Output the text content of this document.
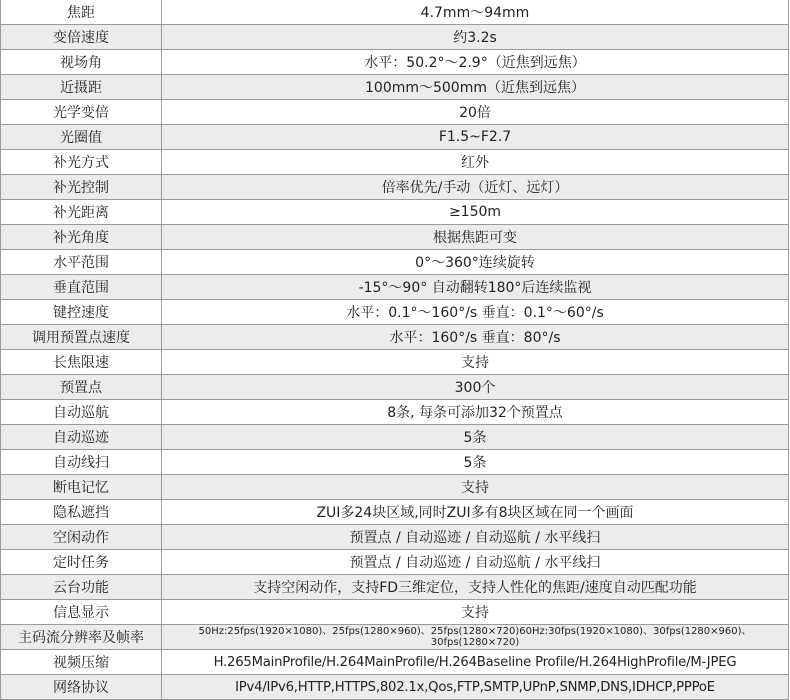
焦距	4.7mm～94mm
变倍速度	约3.2s
视场角	水平：50.2°～2.9°（近焦到远焦）
近摄距	100mm～500mm（近焦到远焦）
光学变倍	20倍
光圈值	F1.5~F2.7
补光方式	红外
补光控制	倍率优先/手动（近灯、远灯）
补光距离	≥150m
补光角度	根据焦距可变
水平范围	0°～360°连续旋转
垂直范围	-15°～90° 自动翻转180°后连续监视
键控速度	水平：0.1°～160°/s 垂直：0.1°～60°/s
调用预置点速度	水平：160°/s 垂直：80°/s
长焦限速	支持
预置点	300个
自动巡航	8条, 每条可添加32个预置点
自动巡迹	5条
自动线扫	5条
断电记忆	支持
隐私遮挡	ZUI多24块区域,同时ZUI多有8块区域在同一个画面
空闲动作	预置点 / 自动巡迹 / 自动巡航 / 水平线扫
定时任务	预置点 / 自动巡迹 / 自动巡航 / 水平线扫
云台功能	支持空闲动作，支持FD三维定位，支持人性化的焦距/速度自动匹配功能
信息显示	支持
主码流分辨率及帧率	50Hz:25fps(1920×1080)、25fps(1280×960)、25fps(1280×720)60Hz:30fps(1920×1080)、30fps(1280×960)、30fps(1280×720)
视频压缩	H.265MainProfile/H.264MainProfile/H.264Baseline Profile/H.264HighProfile/M-JPEG
网络协议	IPv4/IPv6,HTTP,HTTPS,802.1x,Qos,FTP,SMTP,UPnP,SNMP,DNS,IDHCP,PPPoE
